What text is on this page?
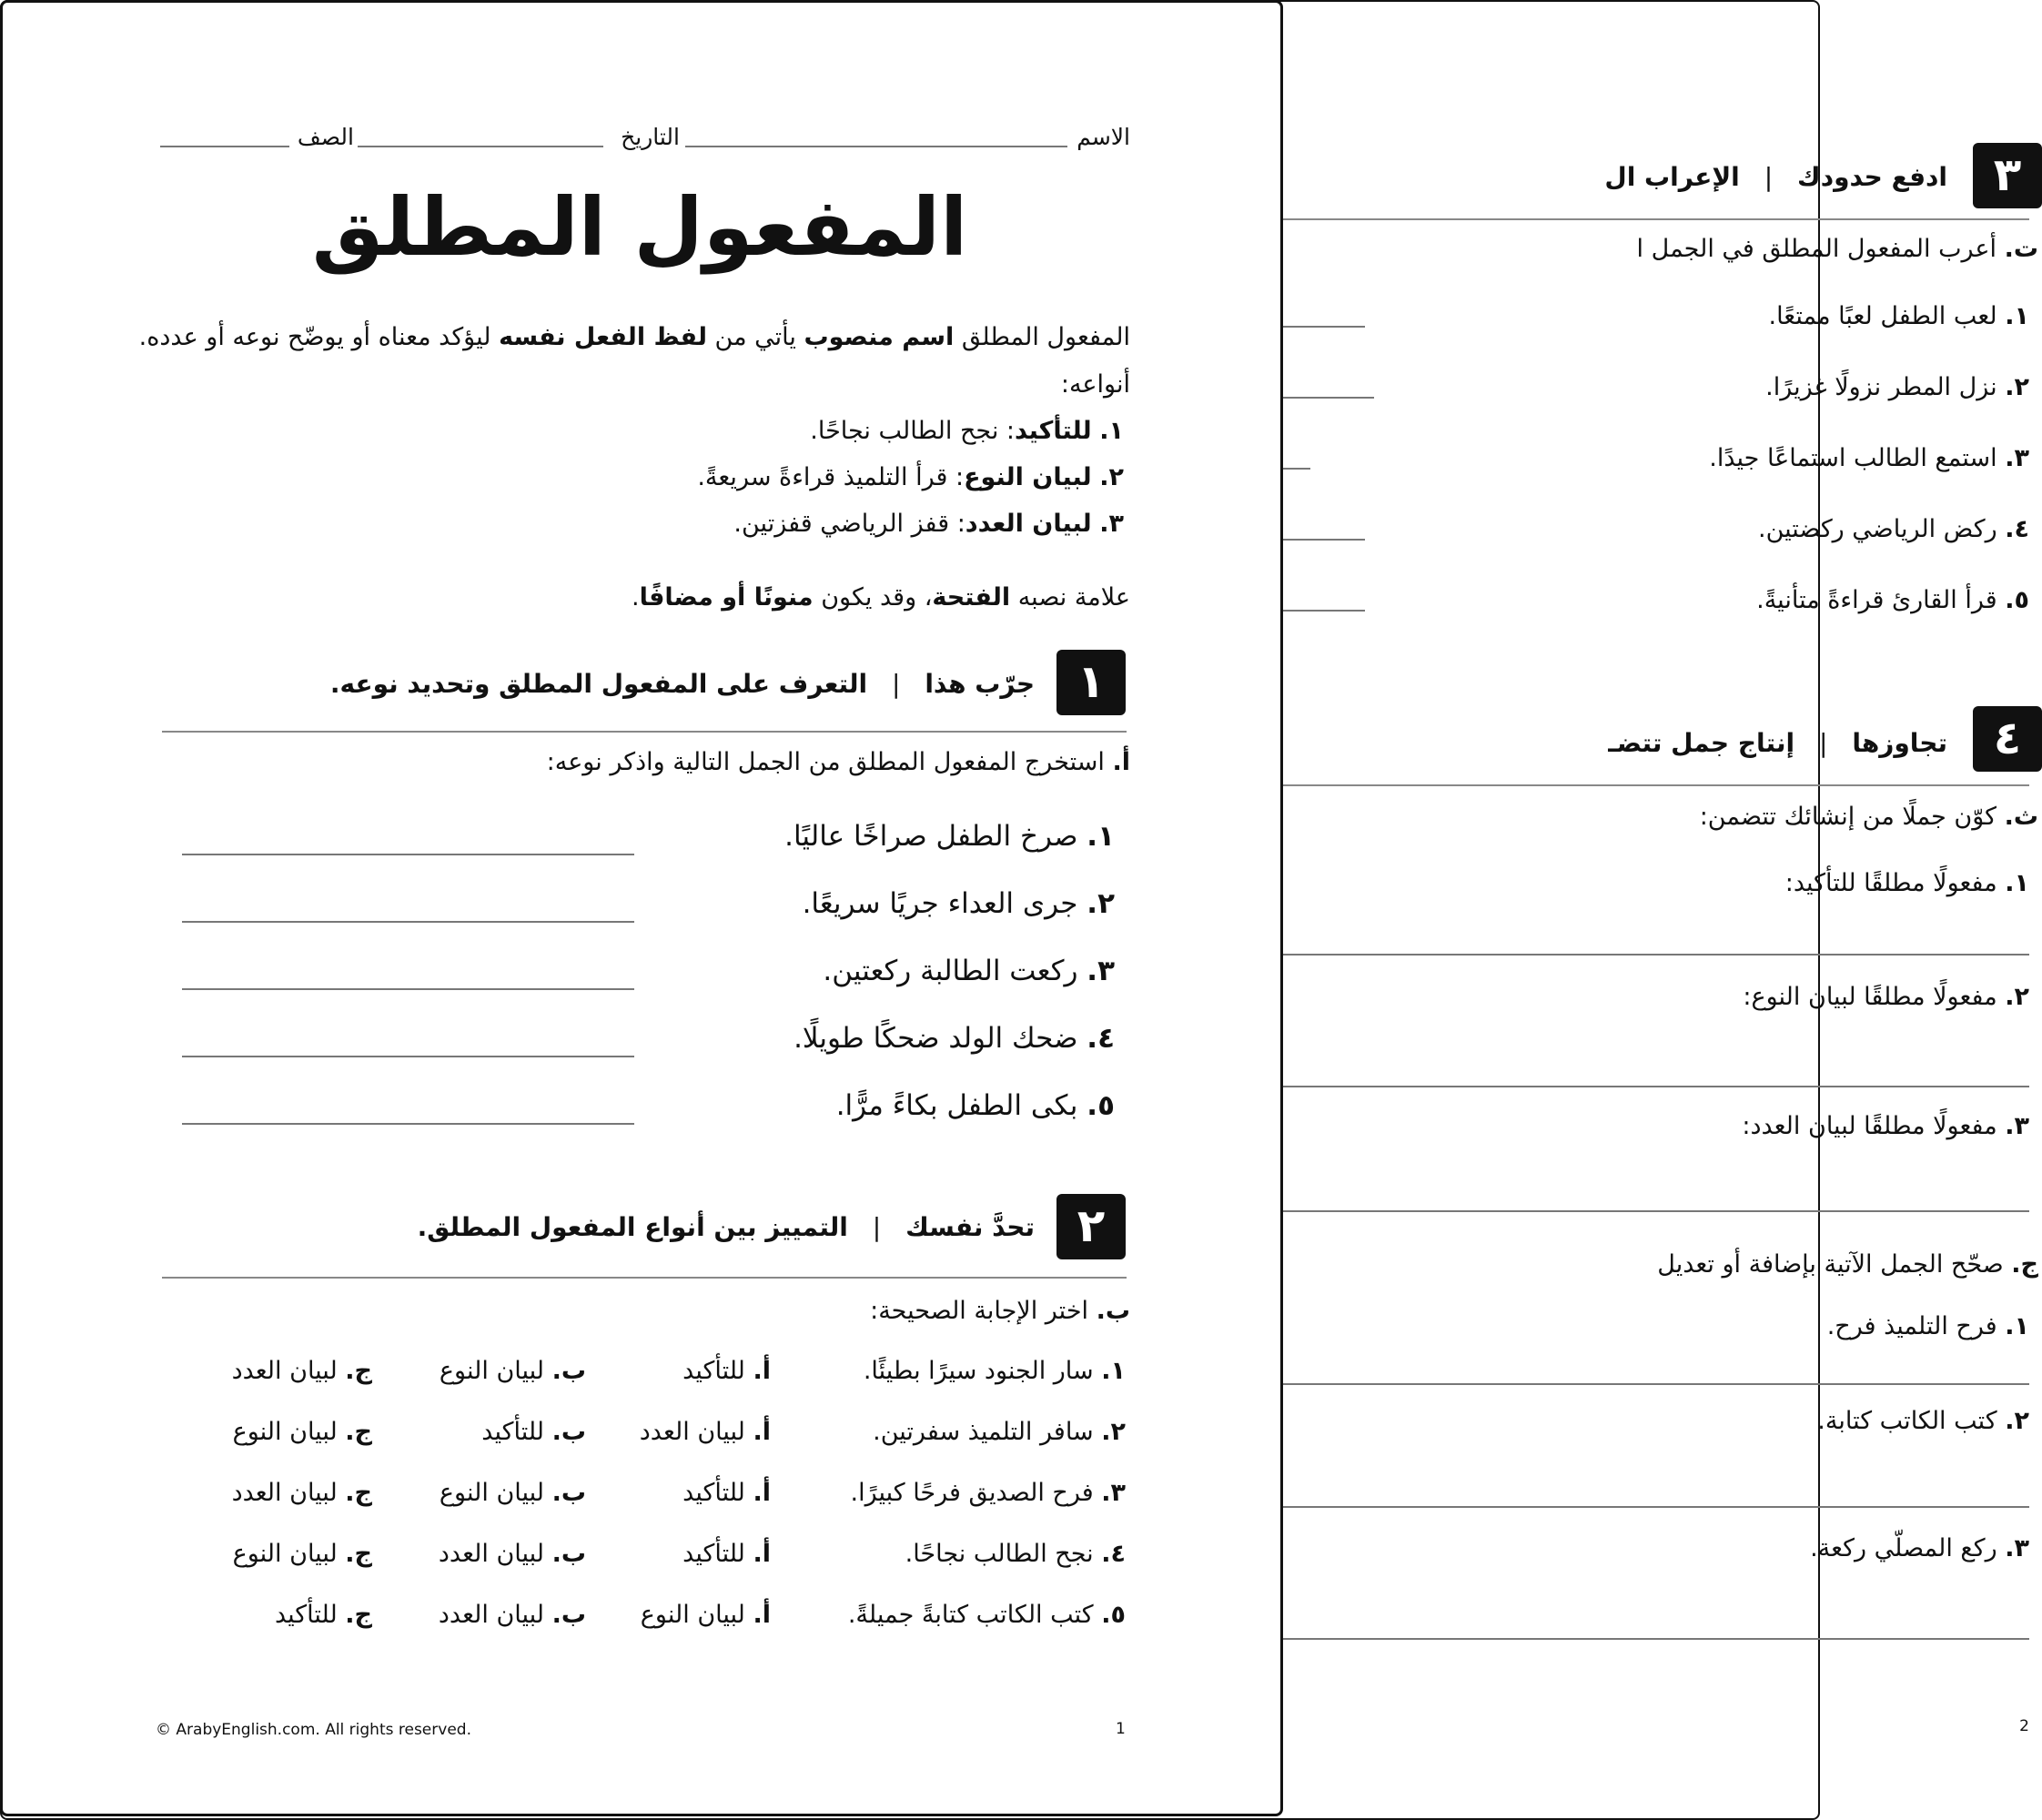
٣
ادفع حدودك | الإعراب ال
ت. أعرب المفعول المطلق في الجمل ا
١. لعب الطفل لعبًا ممتعًا.
٢. نزل المطر نزولًا غزيرًا.
٣. استمع الطالب استماعًا جيدًا.
٤. ركض الرياضي ركضتين.
٥. قرأ القارئ قراءةً متأنيةً.
٤
تجاوزها | إنتاج جمل تتضـ
ث. كوّن جملًا من إنشائك تتضمن:
١. مفعولًا مطلقًا للتأكيد:
٢. مفعولًا مطلقًا لبيان النوع:
٣. مفعولًا مطلقًا لبيان العدد:
ج. صحّح الجمل الآتية بإضافة أو تعديل
١. فرح التلميذ فرح.
٢. كتب الكاتب كتابة.
٣. ركع المصلّي ركعة.
2
الاسم
التاريخ
الصف
المفعول المطلق
المفعول المطلق اسم منصوب يأتي من لفظ الفعل نفسه ليؤكد معناه أو يوضّح نوعه أو عدده.
أنواعه:
١. للتأكيد: نجح الطالب نجاحًا.
٢. لبيان النوع: قرأ التلميذ قراءةً سريعةً.
٣. لبيان العدد: قفز الرياضي قفزتين.
علامة نصبه الفتحة، وقد يكون منونًا أو مضافًا.
١
جرّب هذا | التعرف على المفعول المطلق وتحديد نوعه.
أ. استخرج المفعول المطلق من الجمل التالية واذكر نوعه:
١. صرخ الطفل صراخًا عاليًا.
٢. جرى العداء جريًا سريعًا.
٣. ركعت الطالبة ركعتين.
٤. ضحك الولد ضحكًا طويلًا.
٥. بكى الطفل بكاءً مرًّا.
٢
تحدَّ نفسك | التمييز بين أنواع المفعول المطلق.
ب. اختر الإجابة الصحيحة:
١. سار الجنود سيرًا بطيئًا.
أ. للتأكيد
ب. لبيان النوع
ج. لبيان العدد
٢. سافر التلميذ سفرتين.
أ. لبيان العدد
ب. للتأكيد
ج. لبيان النوع
٣. فرح الصديق فرحًا كبيرًا.
أ. للتأكيد
ب. لبيان النوع
ج. لبيان العدد
٤. نجح الطالب نجاحًا.
أ. للتأكيد
ب. لبيان العدد
ج. لبيان النوع
٥. كتب الكاتب كتابةً جميلةً.
أ. لبيان النوع
ب. لبيان العدد
ج. للتأكيد
© ArabyEnglish.com. All rights reserved.	1
